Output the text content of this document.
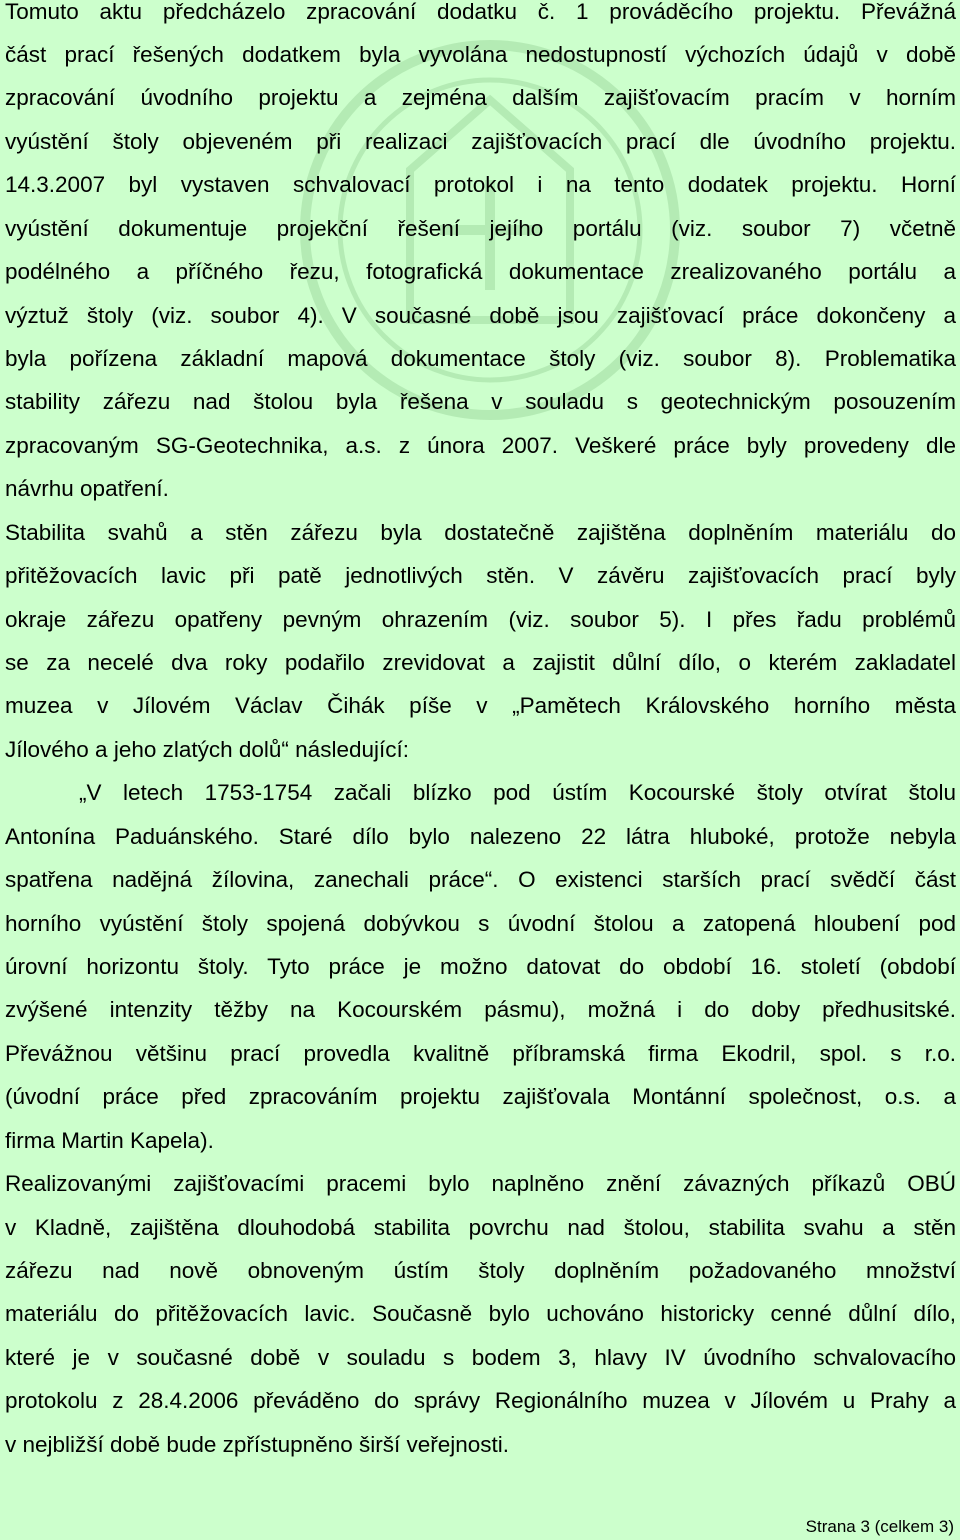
Tomuto aktu předcházelo zpracování dodatku č. 1 prováděcího projektu. Převážná
část prací řešených dodatkem byla vyvolána nedostupností výchozích údajů v době
zpracování úvodního projektu a zejména dalším zajišťovacím pracím v horním
vyústění štoly objeveném při realizaci zajišťovacích prací dle úvodního projektu.
14.3.2007 byl vystaven schvalovací protokol i na tento dodatek projektu. Horní
vyústění dokumentuje projekční řešení jejího portálu (viz. soubor 7) včetně
podélného a příčného řezu, fotografická dokumentace zrealizovaného portálu a
výztuž štoly (viz. soubor 4). V současné době jsou zajišťovací práce dokončeny a
byla pořízena základní mapová dokumentace štoly (viz. soubor 8). Problematika
stability zářezu nad štolou byla řešena v souladu s geotechnickým posouzením
zpracovaným SG-Geotechnika, a.s. z února 2007. Veškeré práce byly provedeny dle
návrhu opatření.
Stabilita svahů a stěn zářezu byla dostatečně zajištěna doplněním materiálu do
přitěžovacích lavic při patě jednotlivých stěn. V závěru zajišťovacích prací byly
okraje zářezu opatřeny pevným ohrazením (viz. soubor 5). I přes řadu problémů
se za necelé dva roky podařilo zrevidovat a zajistit důlní dílo, o kterém zakladatel
muzea v Jílovém Václav Čihák píše v „Pamětech Královského horního města
Jílového a jeho zlatých dolů“ následující:
„V letech 1753-1754 začali blízko pod ústím Kocourské štoly otvírat štolu
Antonína Paduánského. Staré dílo bylo nalezeno 22 látra hluboké, protože nebyla
spatřena nadějná žílovina, zanechali práce“. O existenci starších prací svědčí část
horního vyústění štoly spojená dobývkou s úvodní štolou a zatopená hloubení pod
úrovní horizontu štoly. Tyto práce je možno datovat do období 16. století (období
zvýšené intenzity těžby na Kocourském pásmu), možná i do doby předhusitské.
Převážnou většinu prací provedla kvalitně příbramská firma Ekodril, spol. s r.o.
(úvodní práce před zpracováním projektu zajišťovala Montánní společnost, o.s. a
firma Martin Kapela).
Realizovanými zajišťovacími pracemi bylo naplněno znění závazných příkazů OBÚ
v Kladně, zajištěna dlouhodobá stabilita povrchu nad štolou, stabilita svahu a stěn
zářezu nad nově obnoveným ústím štoly doplněním požadovaného množství
materiálu do přitěžovacích lavic. Současně bylo uchováno historicky cenné důlní dílo,
které je v současné době v souladu s bodem 3, hlavy IV úvodního schvalovacího
protokolu z 28.4.2006 převáděno do správy Regionálního muzea v Jílovém u Prahy a
v nejbližší době bude zpřístupněno širší veřejnosti.
Strana 3 (celkem 3)
